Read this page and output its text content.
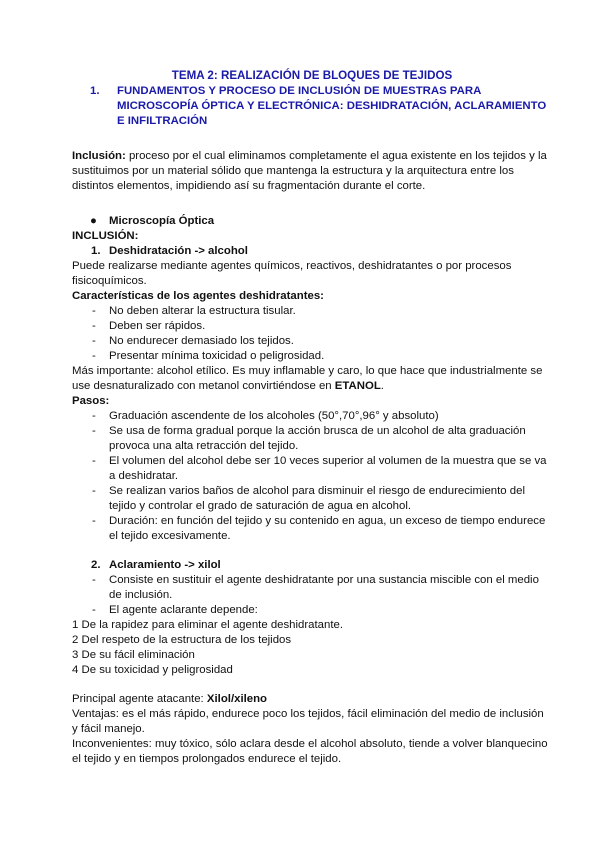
TEMA 2: REALIZACIÓN DE BLOQUES DE TEJIDOS
1. FUNDAMENTOS Y PROCESO DE INCLUSIÓN DE MUESTRAS PARA MICROSCOPÍA ÓPTICA Y ELECTRÓNICA: DESHIDRATACIÓN, ACLARAMIENTO E INFILTRACIÓN

Inclusión: proceso por el cual eliminamos completamente el agua existente en los tejidos y la sustituimos por un material sólido que mantenga la estructura y la arquitectura entre los distintos elementos, impidiendo así su fragmentación durante el corte.

● Microscopía Óptica

INCLUSIÓN:

1. Deshidratación -> alcohol

Puede realizarse mediante agentes químicos, reactivos, deshidratantes o por procesos fisicoquímicos.

Características de los agentes deshidratantes:

- No deben alterar la estructura tisular.
- Deben ser rápidos.
- No endurecer demasiado los tejidos.
- Presentar mínima toxicidad o peligrosidad.

Más importante: alcohol etílico. Es muy inflamable y caro, lo que hace que industrialmente se use desnaturalizado con metanol convirtiéndose en ETANOL.

Pasos:

- Graduación ascendente de los alcoholes (50°,70°,96° y absoluto)
- Se usa de forma gradual porque la acción brusca de un alcohol de alta graduación provoca una alta retracción del tejido.
- El volumen del alcohol debe ser 10 veces superior al volumen de la muestra que se va a deshidratar.
- Se realizan varios baños de alcohol para disminuir el riesgo de endurecimiento del tejido y controlar el grado de saturación de agua en alcohol.
- Duración: en función del tejido y su contenido en agua, un exceso de tiempo endurece el tejido excesivamente.
2. Aclaramiento -> xilol
- Consiste en sustituir el agente deshidratante por una sustancia miscible con el medio de inclusión.
- El agente aclarante depende:

1 De la rapidez para eliminar el agente deshidratante.

2 Del respeto de la estructura de los tejidos

3 De su fácil eliminación

4 De su toxicidad y peligrosidad

Principal agente atacante: Xilol/xileno

Ventajas: es el más rápido, endurece poco los tejidos, fácil eliminación del medio de inclusión y fácil manejo.

Inconvenientes: muy tóxico, sólo aclara desde el alcohol absoluto, tiende a volver blanquecino el tejido y en tiempos prolongados endurece el tejido.
